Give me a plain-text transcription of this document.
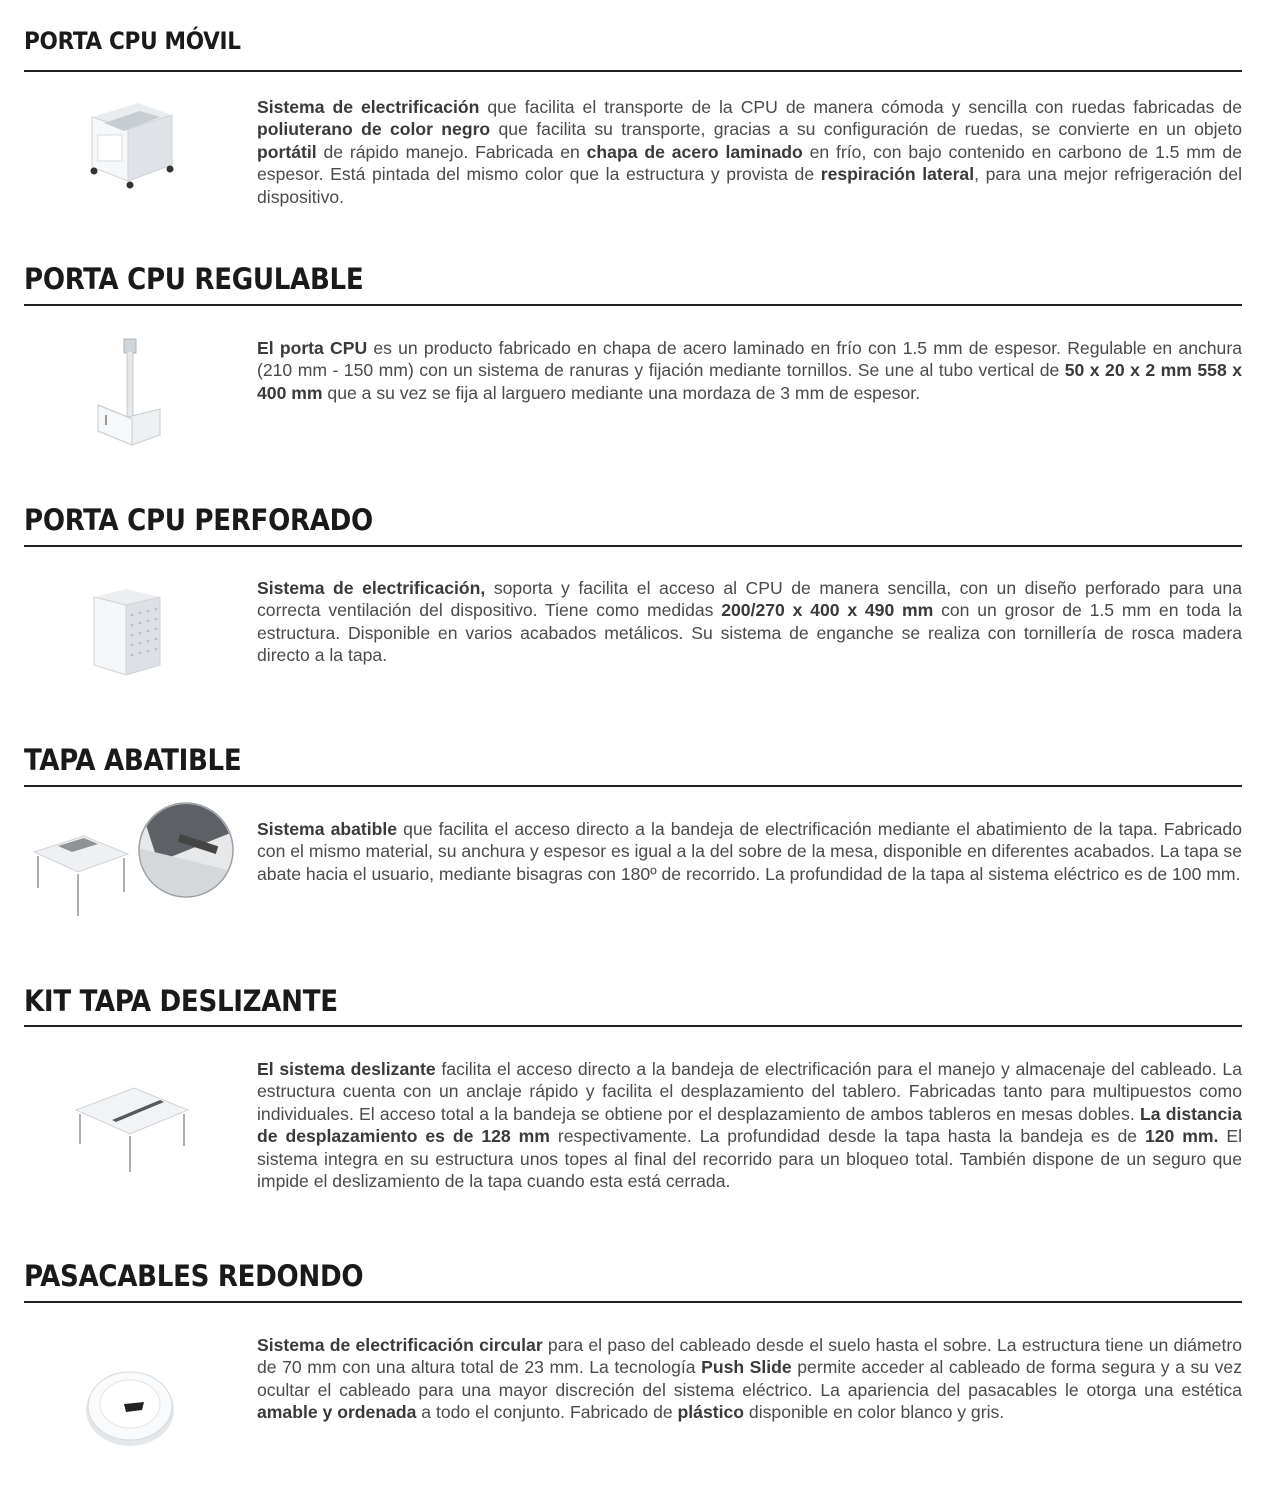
PORTA CPU MÓVIL

Sistema de electrificación que facilita el transporte de la CPU de manera cómoda y sencilla con ruedas fabricadas de poliuterano de color negro que facilita su transporte, gracias a su configuración de ruedas, se convierte en un objeto portátil de rápido manejo. Fabricada en chapa de acero laminado en frío, con bajo contenido en carbono de 1.5 mm de espesor. Está pintada del mismo color que la estructura y provista de respiración lateral, para una mejor refrigeración del dispositivo.

PORTA CPU REGULABLE

El porta CPU es un producto fabricado en chapa de acero laminado en frío con 1.5 mm de espesor. Regulable en anchura (210 mm - 150 mm) con un sistema de ranuras y fijación mediante tornillos. Se une al tubo vertical de 50 x 20 x 2 mm 558 x 400 mm que a su vez se fija al larguero mediante una mordaza de 3 mm de espesor.

PORTA CPU PERFORADO

Sistema de electrificación, soporta y facilita el acceso al CPU de manera sencilla, con un diseño perforado para una correcta ventilación del dispositivo. Tiene como medidas 200/270 x 400 x 490 mm con un grosor de 1.5 mm en toda la estructura. Disponible en varios acabados metálicos. Su sistema de enganche se realiza con tornillería de rosca madera directo a la tapa.

TAPA ABATIBLE

Sistema abatible que facilita el acceso directo a la bandeja de electrificación mediante el abatimiento de la tapa. Fabricado con el mismo material, su anchura y espesor es igual a la del sobre de la mesa, disponible en diferentes acabados. La tapa se abate hacia el usuario, mediante bisagras con 180º de recorrido. La profundidad de la tapa al sistema eléctrico es de 100 mm.

KIT TAPA DESLIZANTE

El sistema deslizante facilita el acceso directo a la bandeja de electrificación para el manejo y almacenaje del cableado. La estructura cuenta con un anclaje rápido y facilita el desplazamiento del tablero. Fabricadas tanto para multipuestos como individuales. El acceso total a la bandeja se obtiene por el desplazamiento de ambos tableros en mesas dobles. La distancia de desplazamiento es de 128 mm respectivamente. La profundidad desde la tapa hasta la bandeja es de 120 mm. El sistema integra en su estructura unos topes al final del recorrido para un bloqueo total. También dispone de un seguro que impide el deslizamiento de la tapa cuando esta está cerrada.

PASACABLES REDONDO

Sistema de electrificación circular para el paso del cableado desde el suelo hasta el sobre. La estructura tiene un diámetro de 70 mm con una altura total de 23 mm. La tecnología Push Slide permite acceder al cableado de forma segura y a su vez ocultar el cableado para una mayor discreción del sistema eléctrico. La apariencia del pasacables le otorga una estética amable y ordenada a todo el conjunto. Fabricado de plástico disponible en color blanco y gris.
